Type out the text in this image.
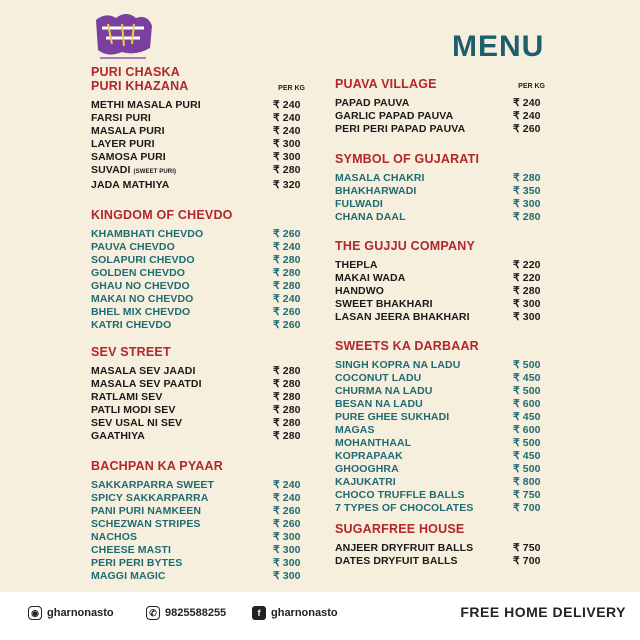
MENU
PURI CHASKA
PURI KHAZANA	PER KG
METHI MASALA PURI	₹ 240
FARSI PURI	₹ 240
MASALA PURI	₹ 240
LAYER PURI	₹ 300
SAMOSA PURI	₹ 300
SUVADI (SWEET PURI)	₹ 280
JADA MATHIYA	₹ 320
KINGDOM OF CHEVDO
KHAMBHATI CHEVDO	₹ 260
PAUVA CHEVDO	₹ 240
SOLAPURI CHEVDO	₹ 280
GOLDEN CHEVDO	₹ 280
GHAU NO CHEVDO	₹ 280
MAKAI NO CHEVDO	₹ 240
BHEL MIX CHEVDO	₹ 260
KATRI CHEVDO	₹ 260
SEV STREET
MASALA SEV JAADI	₹ 280
MASALA SEV PAATDI	₹ 280
RATLAMI SEV	₹ 280
PATLI MODI SEV	₹ 280
SEV USAL NI SEV	₹ 280
GAATHIYA	₹ 280
BACHPAN KA PYAAR
SAKKARPARRA SWEET	₹ 240
SPICY SAKKARPARRA	₹ 240
PANI PURI NAMKEEN	₹ 260
SCHEZWAN STRIPES	₹ 260
NACHOS	₹ 300
CHEESE MASTI	₹ 300
PERI PERI BYTES	₹ 300
MAGGI MAGIC	₹ 300
PUAVA VILLAGE	PER KG
PAPAD PAUVA	₹ 240
GARLIC PAPAD PAUVA	₹ 240
PERI PERI PAPAD PAUVA	₹ 260
SYMBOL OF GUJARATI
MASALA CHAKRI	₹ 280
BHAKHARWADI	₹ 350
FULWADI	₹ 300
CHANA DAAL	₹ 280
THE GUJJU COMPANY
THEPLA	₹ 220
MAKAI WADA	₹ 220
HANDWO	₹ 280
SWEET BHAKHARI	₹ 300
LASAN JEERA BHAKHARI	₹ 300
SWEETS KA DARBAAR
SINGH KOPRA NA LADU	₹ 500
COCONUT LADU	₹ 450
CHURMA NA LADU	₹ 500
BESAN NA LADU	₹ 600
PURE GHEE SUKHADI	₹ 450
MAGAS	₹ 600
MOHANTHAAL	₹ 500
KOPRAPAAK	₹ 450
GHOOGHRA	₹ 500
KAJUKATRI	₹ 800
CHOCO TRUFFLE BALLS	₹ 750
7 TYPES OF CHOCOLATES	₹ 700
SUGARFREE HOUSE
ANJEER DRYFRUIT BALLS	₹ 750
DATES DRYFUIT BALLS	₹ 700
◉ gharnonasto	✆ 9825588255	f gharnonasto	FREE HOME DELIVERY
